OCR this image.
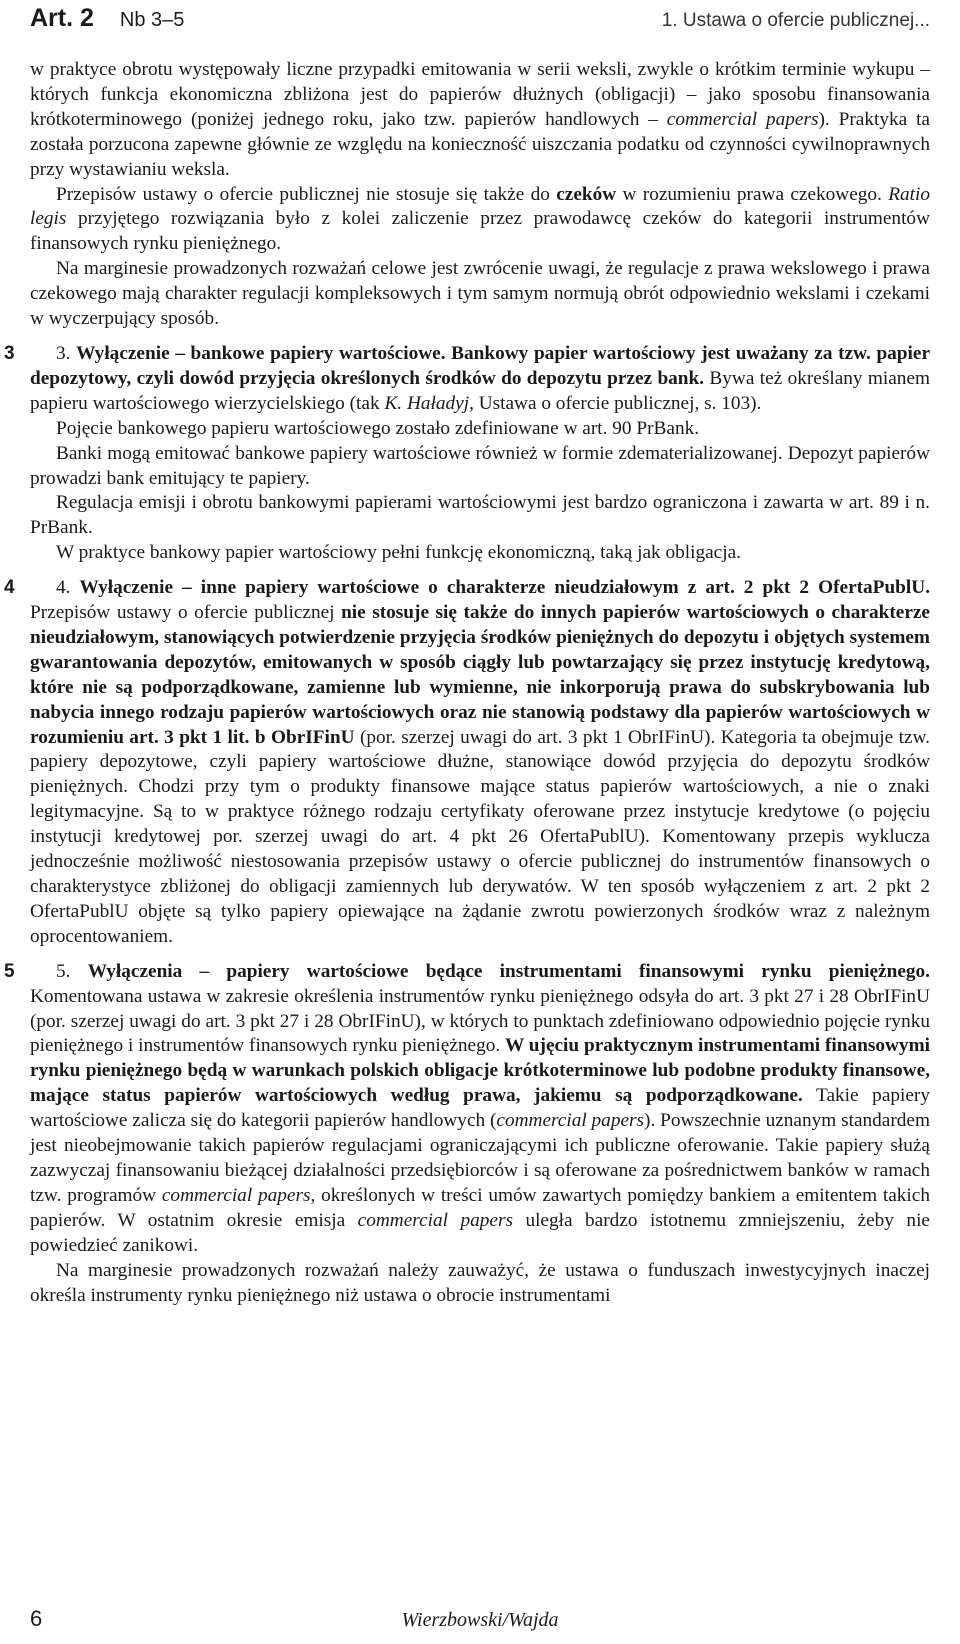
Art. 2 Nb 3–5	1. Ustawa o ofercie publicznej...

w praktyce obrotu występowały liczne przypadki emitowania w serii weksli, zwykle o krótkim terminie wykupu – których funkcja ekonomiczna zbliżona jest do papierów dłużnych (obligacji) – jako sposobu finansowania krótkoterminowego (poniżej jednego roku, jako tzw. papierów handlowych – commercial papers). Praktyka ta została porzucona zapewne głównie ze względu na konieczność uiszczania podatku od czynności cywilnoprawnych przy wystawianiu weksla.

Przepisów ustawy o ofercie publicznej nie stosuje się także do czeków w rozumieniu prawa czekowego. Ratio legis przyjętego rozwiązania było z kolei zaliczenie przez prawodawcę czeków do kategorii instrumentów finansowych rynku pieniężnego.

Na marginesie prowadzonych rozważań celowe jest zwrócenie uwagi, że regulacje z prawa wekslowego i prawa czekowego mają charakter regulacji kompleksowych i tym samym normują obrót odpowiednio wekslami i czekami w wyczerpujący sposób.

3 3. Wyłączenie – bankowe papiery wartościowe. Bankowy papier wartościowy jest uważany za tzw. papier depozytowy, czyli dowód przyjęcia określonych środków do depozytu przez bank. Bywa też określany mianem papieru wartościowego wierzycielskiego (tak K. Haładyj, Ustawa o ofercie publicznej, s. 103).

Pojęcie bankowego papieru wartościowego zostało zdefiniowane w art. 90 PrBank.

Banki mogą emitować bankowe papiery wartościowe również w formie zdematerializowanej. Depozyt papierów prowadzi bank emitujący te papiery.

Regulacja emisji i obrotu bankowymi papierami wartościowymi jest bardzo ograniczona i zawarta w art. 89 i n. PrBank.

W praktyce bankowy papier wartościowy pełni funkcję ekonomiczną, taką jak obligacja.

4 4. Wyłączenie – inne papiery wartościowe o charakterze nieudziałowym z art. 2 pkt 2 OfertaPublU. Przepisów ustawy o ofercie publicznej nie stosuje się także do innych papierów wartościowych o charakterze nieudziałowym, stanowiących potwierdzenie przyjęcia środków pieniężnych do depozytu i objętych systemem gwarantowania depozytów, emitowanych w sposób ciągły lub powtarzający się przez instytucję kredytową, które nie są podporządkowane, zamienne lub wymienne, nie inkorporują prawa do subskrybowania lub nabycia innego rodzaju papierów wartościowych oraz nie stanowią podstawy dla papierów wartościowych w rozumieniu art. 3 pkt 1 lit. b ObrIFinU (por. szerzej uwagi do art. 3 pkt 1 ObrIFinU). Kategoria ta obejmuje tzw. papiery depozytowe, czyli papiery wartościowe dłużne, stanowiące dowód przyjęcia do depozytu środków pieniężnych. Chodzi przy tym o produkty finansowe mające status papierów wartościowych, a nie o znaki legitymacyjne. Są to w praktyce różnego rodzaju certyfikaty oferowane przez instytucje kredytowe (o pojęciu instytucji kredytowej por. szerzej uwagi do art. 4 pkt 26 OfertaPublU). Komentowany przepis wyklucza jednocześnie możliwość niestosowania przepisów ustawy o ofercie publicznej do instrumentów finansowych o charakterystyce zbliżonej do obligacji zamiennych lub derywatów. W ten sposób wyłączeniem z art. 2 pkt 2 OfertaPublU objęte są tylko papiery opiewające na żądanie zwrotu powierzonych środków wraz z należnym oprocentowaniem.

5 5. Wyłączenia – papiery wartościowe będące instrumentami finansowymi rynku pieniężnego. Komentowana ustawa w zakresie określenia instrumentów rynku pieniężnego odsyła do art. 3 pkt 27 i 28 ObrIFinU (por. szerzej uwagi do art. 3 pkt 27 i 28 ObrIFinU), w których to punktach zdefiniowano odpowiednio pojęcie rynku pieniężnego i instrumentów finansowych rynku pieniężnego. W ujęciu praktycznym instrumentami finansowymi rynku pieniężnego będą w warunkach polskich obligacje krótkoterminowe lub podobne produkty finansowe, mające status papierów wartościowych według prawa, jakiemu są podporządkowane. Takie papiery wartościowe zalicza się do kategorii papierów handlowych (commercial papers). Powszechnie uznanym standardem jest nieobejmowanie takich papierów regulacjami ograniczającymi ich publiczne oferowanie. Takie papiery służą zazwyczaj finansowaniu bieżącej działalności przedsiębiorców i są oferowane za pośrednictwem banków w ramach tzw. programów commercial papers, określonych w treści umów zawartych pomiędzy bankiem a emitentem takich papierów. W ostatnim okresie emisja commercial papers uległa bardzo istotnemu zmniejszeniu, żeby nie powiedzieć zanikowi.

Na marginesie prowadzonych rozważań należy zauważyć, że ustawa o funduszach inwestycyjnych inaczej określa instrumenty rynku pieniężnego niż ustawa o obrocie instrumentami

6	Wierzbowski/Wajda
